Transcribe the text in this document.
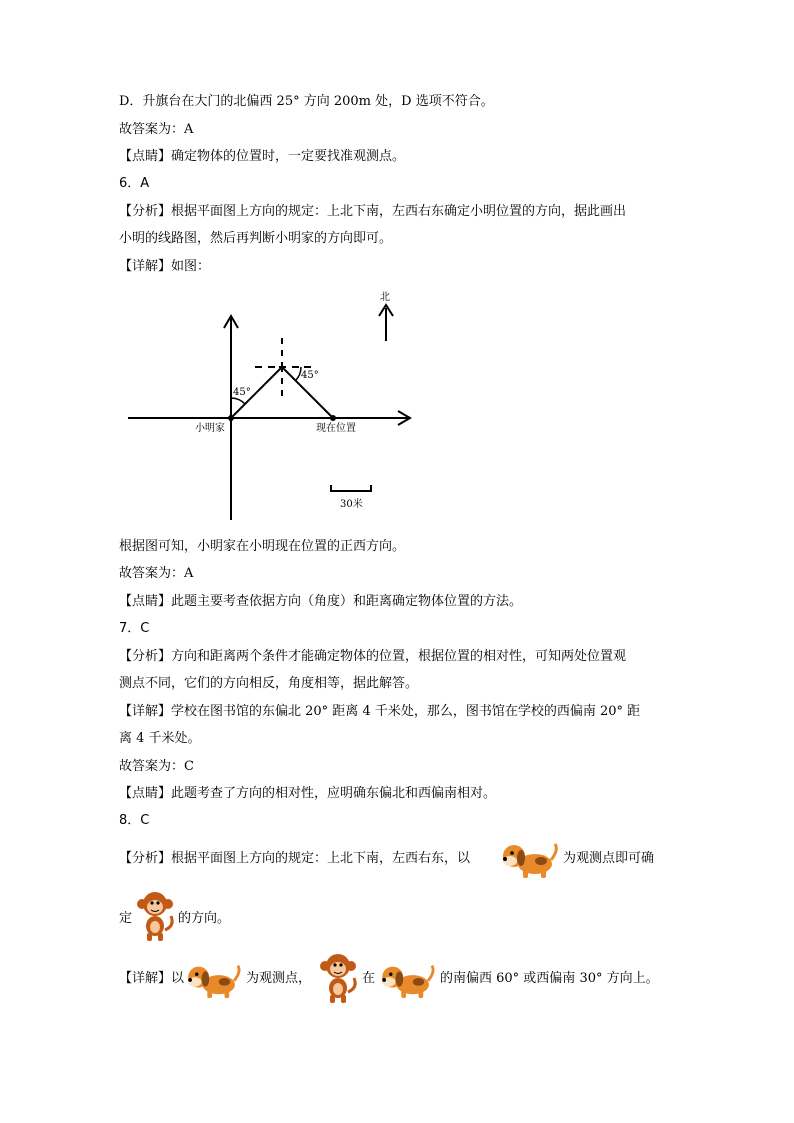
D．升旗台在大门的北偏西 25° 方向 200m 处，D 选项不符合。
故答案为：A
【点睛】确定物体的位置时，一定要找准观测点。
6．A
【分析】根据平面图上方向的规定：上北下南，左西右东确定小明位置的方向，据此画出
小明的线路图，然后再判断小明家的方向即可。
【详解】如图：
北
45°
45°
小明家	现在位置
30米
根据图可知，小明家在小明现在位置的正西方向。
故答案为：A
【点睛】此题主要考查依据方向（角度）和距离确定物体位置的方法。
7．C
【分析】方向和距离两个条件才能确定物体的位置，根据位置的相对性，可知两处位置观
测点不同，它们的方向相反，角度相等，据此解答。
【详解】学校在图书馆的东偏北 20° 距离 4 千米处，那么，图书馆在学校的西偏南 20° 距
离 4 千米处。
故答案为：C
【点睛】此题考查了方向的相对性，应明确东偏北和西偏南相对。
8．C
【分析】根据平面图上方向的规定：上北下南，左西右东，以	为观测点即可确
定	的方向。
【详解】以	为观测点，	在	的南偏西 60° 或西偏南 30° 方向上。
